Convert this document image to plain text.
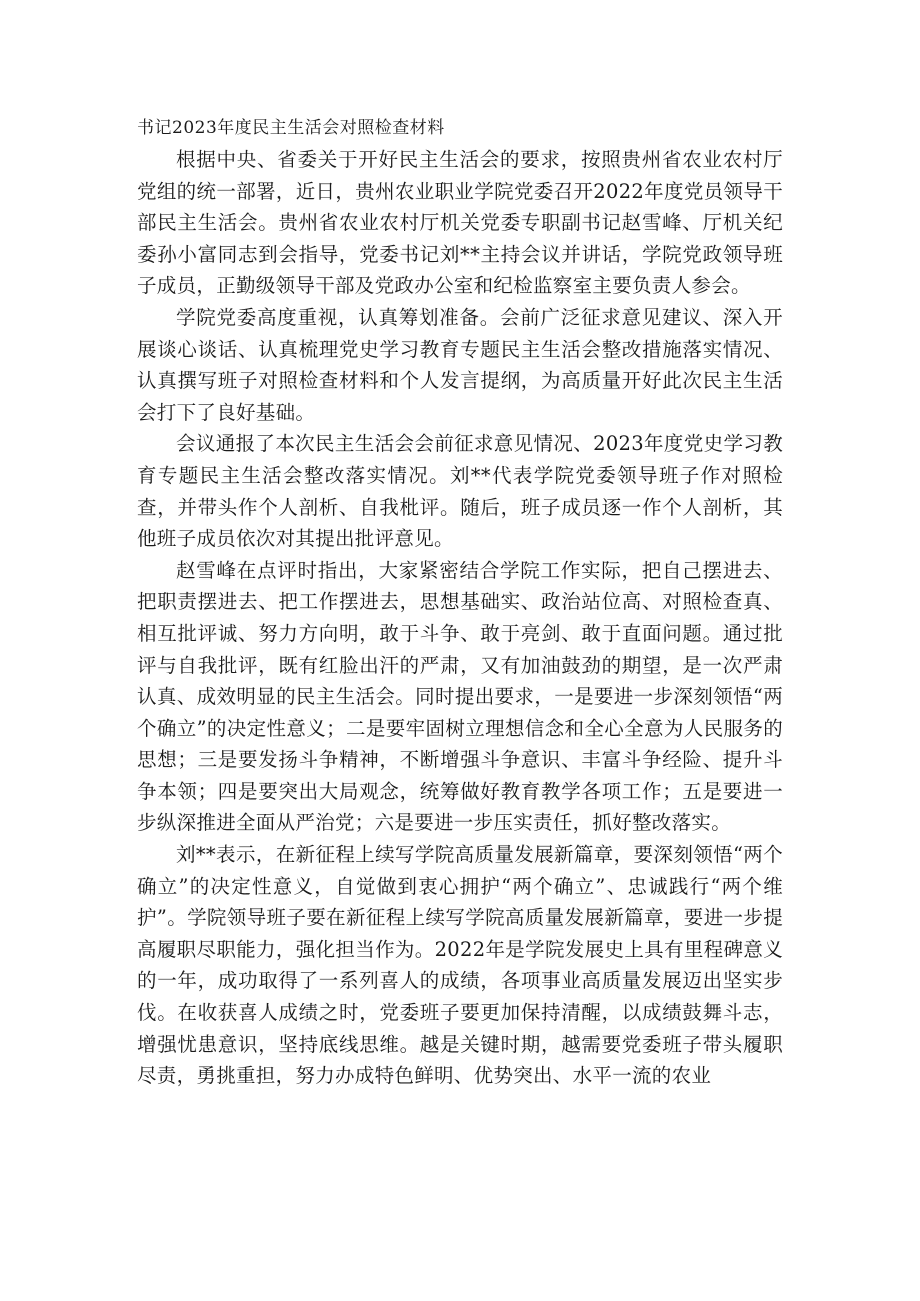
书记2023年度民主生活会对照检查材料

根据中央、省委关于开好民主生活会的要求，按照贵州省农业农村厅党组的统一部署，近日，贵州农业职业学院党委召开2022年度党员领导干部民主生活会。贵州省农业农村厅机关党委专职副书记赵雪峰、厅机关纪委孙小富同志到会指导，党委书记刘**主持会议并讲话，学院党政领导班子成员，正勤级领导干部及党政办公室和纪检监察室主要负责人参会。

学院党委高度重视，认真筹划准备。会前广泛征求意见建议、深入开展谈心谈话、认真梳理党史学习教育专题民主生活会整改措施落实情况、认真撰写班子对照检查材料和个人发言提纲，为高质量开好此次民主生活会打下了良好基础。

会议通报了本次民主生活会会前征求意见情况、2023年度党史学习教育专题民主生活会整改落实情况。刘**代表学院党委领导班子作对照检查，并带头作个人剖析、自我枇评。随后，班子成员逐一作个人剖析，其他班子成员依次对其提出批评意见。

赵雪峰在点评时指出，大家紧密结合学院工作实际，把自己摆进去、把职责摆进去、把工作摆进去，思想基础实、政治站位高、对照检查真、相互批评诚、努力方向明，敢于斗争、敢于亮剑、敢于直面问题。通过批评与自我批评，既有红脸出汗的严肃，又有加油鼓劲的期望，是一次严肃认真、成效明显的民主生活会。同时提出要求，一是要进一步深刻领悟“两个确立”的决定性意义；二是要牢固树立理想信念和全心全意为人民服务的思想；三是要发扬斗争精神，不断增强斗争意识、丰富斗争经险、提升斗争本领；四是要突出大局观念，统筹做好教育教学各项工作；五是要进一步纵深推进全面从严治党；六是要进一步压实责任，抓好整改落实。

刘**表示，在新征程上续写学院高质量发展新篇章，要深刻领悟“两个确立”的决定性意义，自觉做到衷心拥护“两个确立”、忠诚践行“两个维护”。学院领导班子要在新征程上续写学院高质量发展新篇章，要进一步提高履职尽职能力，强化担当作为。2022年是学院发展史上具有里程碑意义的一年，成功取得了一系列喜人的成绩，各项事业高质量发展迈出坚实步伐。在收获喜人成绩之时，党委班子要更加保持清醒，以成绩鼓舞斗志，增强忧患意识，坚持底线思维。越是关键时期，越需要党委班子带头履职尽责，勇挑重担，努力办成特色鲜明、优势突出、水平一流的农业
